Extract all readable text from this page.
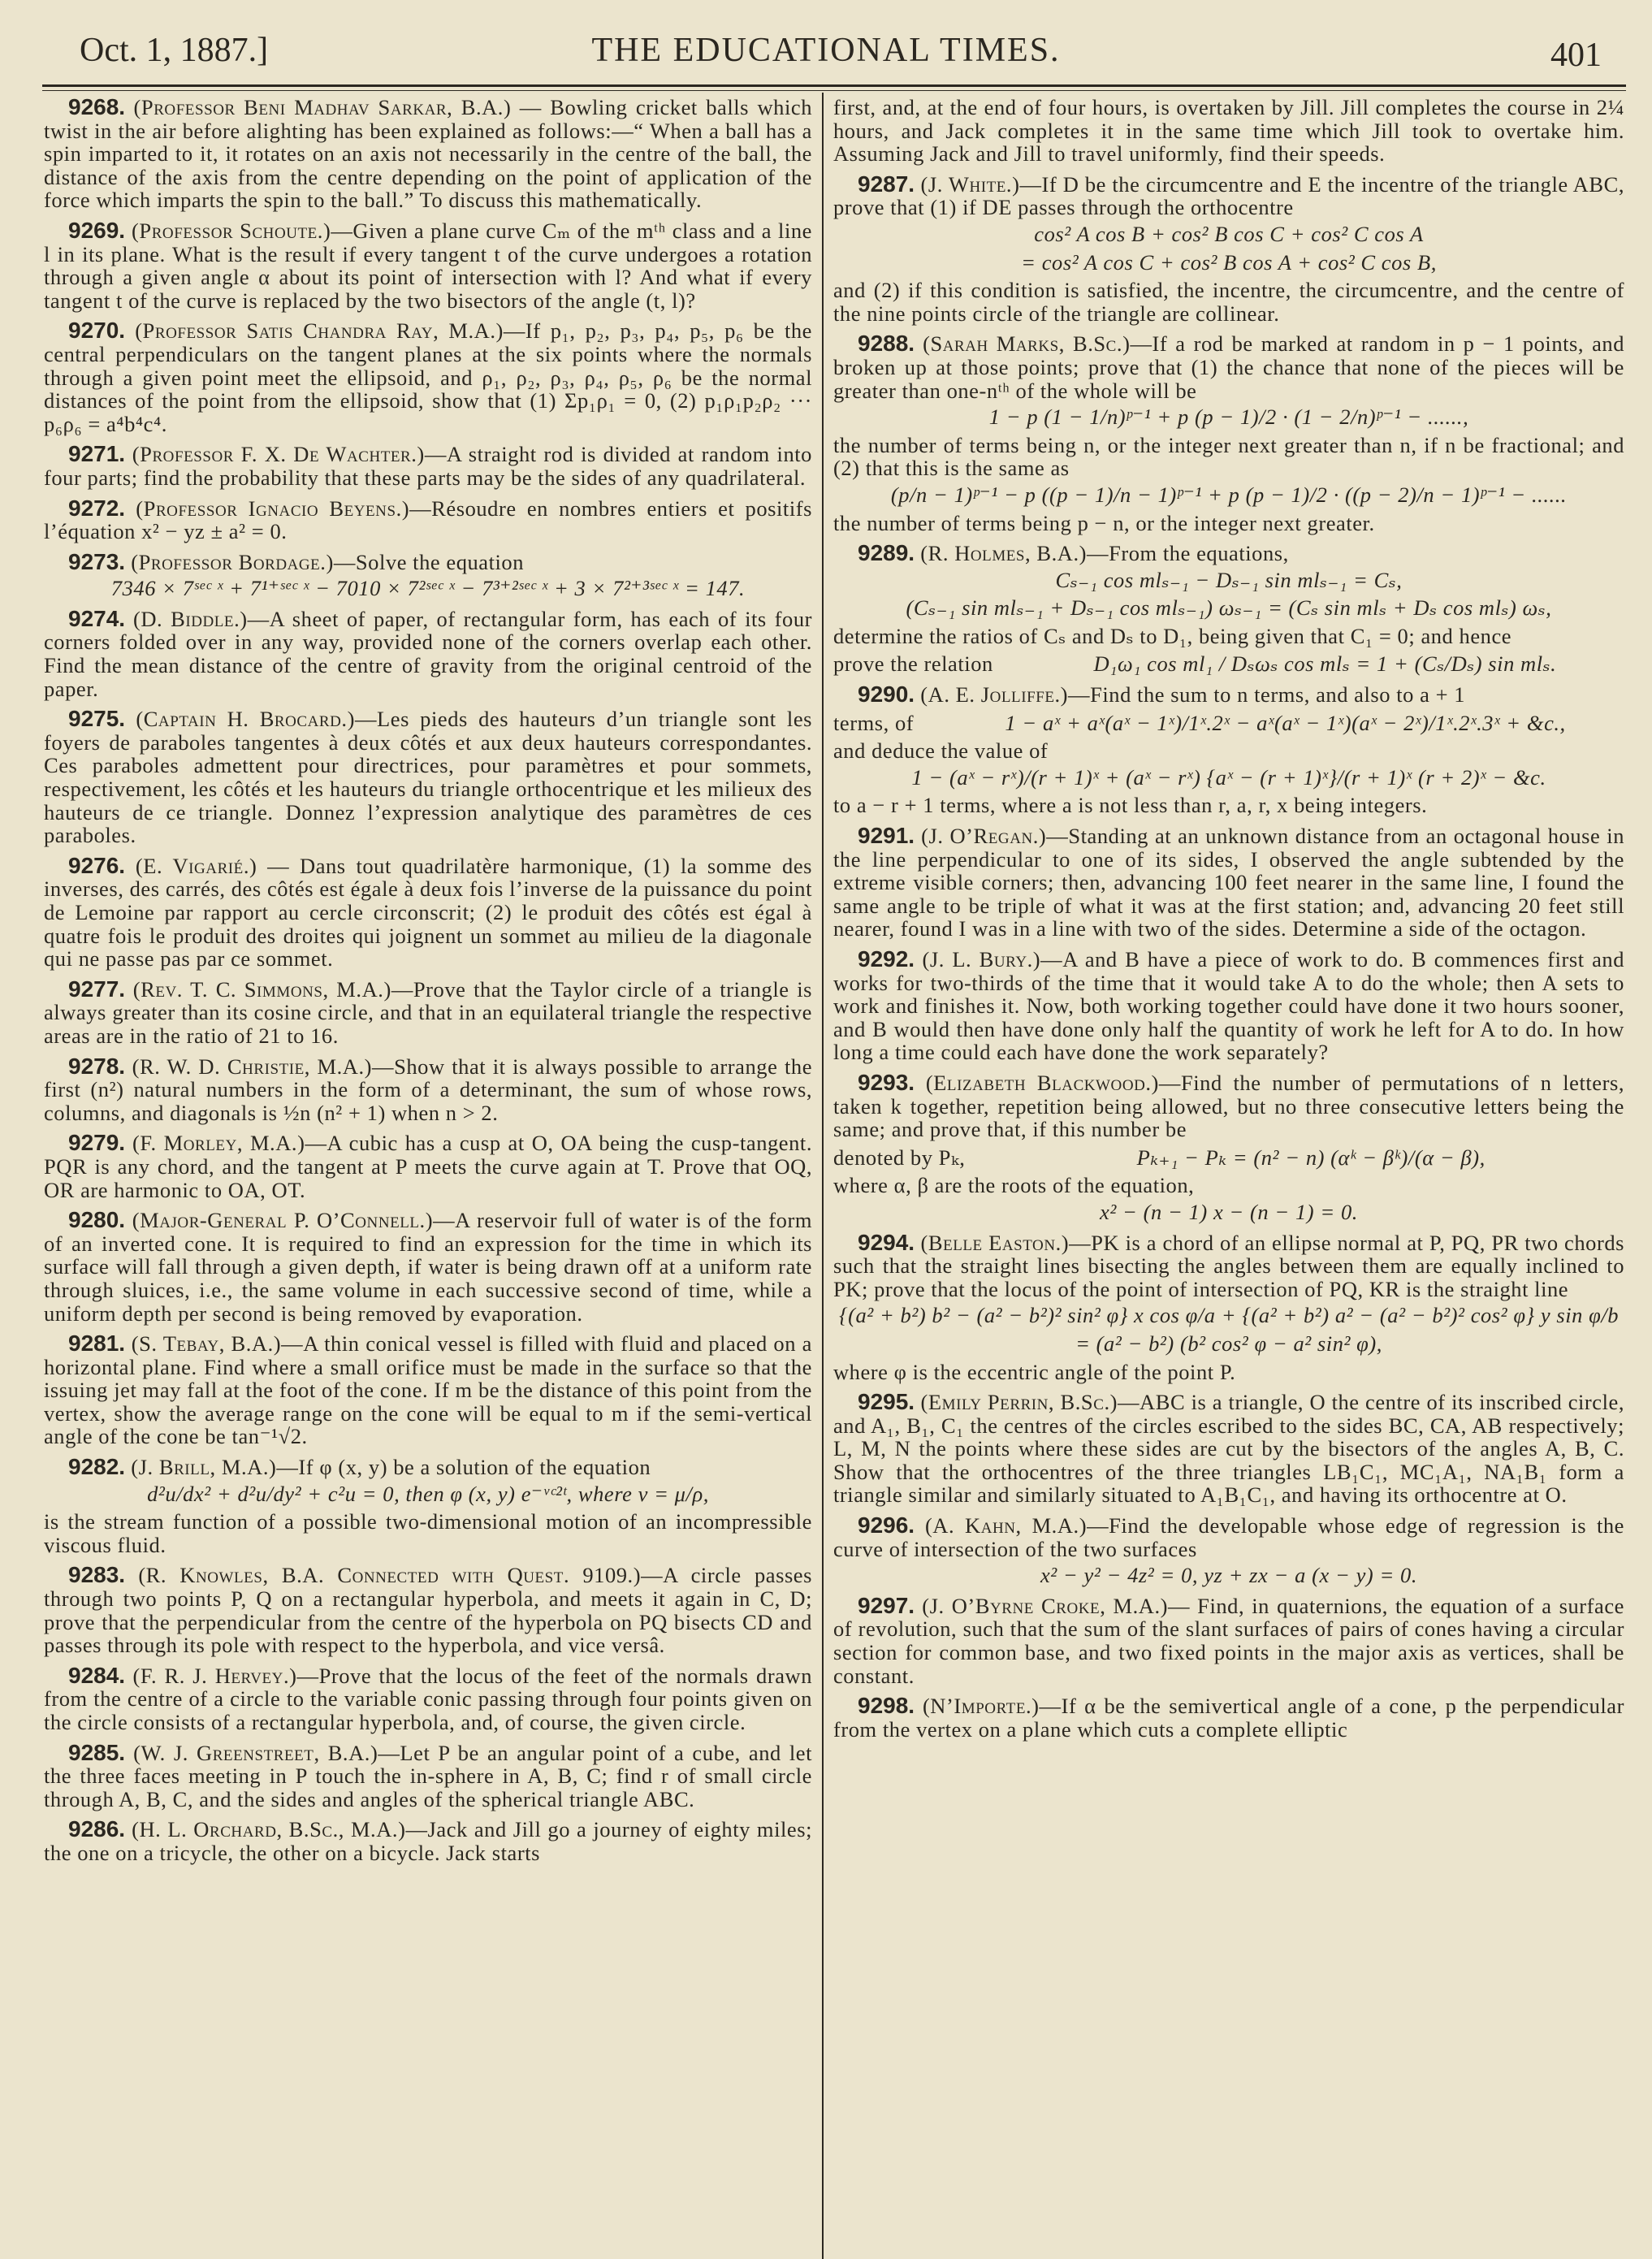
Oct. 1, 1887.]	THE EDUCATIONAL TIMES.	401

9268. (Professor Beni Madhav Sarkar, B.A.) — Bowling cricket balls which twist in the air before alighting has been explained as follows:—“ When a ball has a spin imparted to it, it rotates on an axis not necessarily in the centre of the ball, the distance of the axis from the centre depending on the point of application of the force which imparts the spin to the ball.” To discuss this mathematically.

9269. (Professor Schoute.)—Given a plane curve Cₘ of the mᵗʰ class and a line l in its plane. What is the result if every tangent t of the curve undergoes a rotation through a given angle α about its point of intersection with l? And what if every tangent t of the curve is replaced by the two bisectors of the angle (t, l)?

9270. (Professor Satis Chandra Ray, M.A.)—If p₁, p₂, p₃, p₄, p₅, p₆ be the central perpendiculars on the tangent planes at the six points where the normals through a given point meet the ellipsoid, and ρ₁, ρ₂, ρ₃, ρ₄, ρ₅, ρ₆ be the normal distances of the point from the ellipsoid, show that (1) Σp₁ρ₁ = 0, (2) p₁ρ₁p₂ρ₂ ··· p₆ρ₆ = a⁴b⁴c⁴.

9271. (Professor F. X. De Wachter.)—A straight rod is divided at random into four parts; find the probability that these parts may be the sides of any quadrilateral.

9272. (Professor Ignacio Beyens.)—Résoudre en nombres entiers et positifs l’équation x² − yz ± a² = 0.

9273. (Professor Bordage.)—Solve the equation

7346 × 7ˢᵉᶜ ˣ + 7¹⁺ˢᵉᶜ ˣ − 7010 × 7²ˢᵉᶜ ˣ − 7³⁺²ˢᵉᶜ ˣ + 3 × 7²⁺³ˢᵉᶜ ˣ = 147.

9274. (D. Biddle.)—A sheet of paper, of rectangular form, has each of its four corners folded over in any way, provided none of the corners overlap each other. Find the mean distance of the centre of gravity from the original centroid of the paper.

9275. (Captain H. Brocard.)—Les pieds des hauteurs d’un triangle sont les foyers de paraboles tangentes à deux côtés et aux deux hauteurs correspondantes. Ces paraboles admettent pour directrices, pour paramètres et pour sommets, respectivement, les côtés et les hauteurs du triangle orthocentrique et les milieux des hauteurs de ce triangle. Donnez l’expression analytique des paramètres de ces paraboles.

9276. (E. Vigarié.) — Dans tout quadrilatère harmonique, (1) la somme des inverses, des carrés, des côtés est égale à deux fois l’inverse de la puissance du point de Lemoine par rapport au cercle circonscrit; (2) le produit des côtés est égal à quatre fois le produit des droites qui joignent un sommet au milieu de la diagonale qui ne passe pas par ce sommet.

9277. (Rev. T. C. Simmons, M.A.)—Prove that the Taylor circle of a triangle is always greater than its cosine circle, and that in an equilateral triangle the respective areas are in the ratio of 21 to 16.

9278. (R. W. D. Christie, M.A.)—Show that it is always possible to arrange the first (n²) natural numbers in the form of a determinant, the sum of whose rows, columns, and diagonals is ½n (n² + 1) when n > 2.

9279. (F. Morley, M.A.)—A cubic has a cusp at O, OA being the cusp-tangent. PQR is any chord, and the tangent at P meets the curve again at T. Prove that OQ, OR are harmonic to OA, OT.

9280. (Major-General P. O’Connell.)—A reservoir full of water is of the form of an inverted cone. It is required to find an expression for the time in which its surface will fall through a given depth, if water is being drawn off at a uniform rate through sluices, i.e., the same volume in each successive second of time, while a uniform depth per second is being removed by evaporation.

9281. (S. Tebay, B.A.)—A thin conical vessel is filled with fluid and placed on a horizontal plane. Find where a small orifice must be made in the surface so that the issuing jet may fall at the foot of the cone. If m be the distance of this point from the vertex, show the average range on the cone will be equal to m if the semi-vertical angle of the cone be tan⁻¹√2.

9282. (J. Brill, M.A.)—If φ (x, y) be a solution of the equation

d²u/dx² + d²u/dy² + c²u = 0, then φ (x, y) e⁻ᵛᶜ²ᵗ, where ν = μ/ρ,

is the stream function of a possible two-dimensional motion of an incompressible viscous fluid.

9283. (R. Knowles, B.A. Connected with Quest. 9109.)—A circle passes through two points P, Q on a rectangular hyperbola, and meets it again in C, D; prove that the perpendicular from the centre of the hyperbola on PQ bisects CD and passes through its pole with respect to the hyperbola, and vice versâ.

9284. (F. R. J. Hervey.)—Prove that the locus of the feet of the normals drawn from the centre of a circle to the variable conic passing through four points given on the circle consists of a rectangular hyperbola, and, of course, the given circle.

9285. (W. J. Greenstreet, B.A.)—Let P be an angular point of a cube, and let the three faces meeting in P touch the in-sphere in A, B, C; find r of small circle through A, B, C, and the sides and angles of the spherical triangle ABC.

9286. (H. L. Orchard, B.Sc., M.A.)—Jack and Jill go a journey of eighty miles; the one on a tricycle, the other on a bicycle. Jack starts

first, and, at the end of four hours, is overtaken by Jill. Jill completes the course in 2¼ hours, and Jack completes it in the same time which Jill took to overtake him. Assuming Jack and Jill to travel uniformly, find their speeds.

9287. (J. White.)—If D be the circumcentre and E the incentre of the triangle ABC, prove that (1) if DE passes through the orthocentre

cos² A cos B + cos² B cos C + cos² C cos A
= cos² A cos C + cos² B cos A + cos² C cos B,

and (2) if this condition is satisfied, the incentre, the circumcentre, and the centre of the nine points circle of the triangle are collinear.

9288. (Sarah Marks, B.Sc.)—If a rod be marked at random in p − 1 points, and broken up at those points; prove that (1) the chance that none of the pieces will be greater than one-nᵗʰ of the whole will be

1 − p (1 − 1/n)ᵖ⁻¹ + p (p − 1)/2 · (1 − 2/n)ᵖ⁻¹ − ......,

the number of terms being n, or the integer next greater than n, if n be fractional; and (2) that this is the same as

(p/n − 1)ᵖ⁻¹ − p ((p − 1)/n − 1)ᵖ⁻¹ + p (p − 1)/2 · ((p − 2)/n − 1)ᵖ⁻¹ − ......

the number of terms being p − n, or the integer next greater.

9289. (R. Holmes, B.A.)—From the equations,

Cₛ₋₁ cos mlₛ₋₁ − Dₛ₋₁ sin mlₛ₋₁ = Cₛ,
(Cₛ₋₁ sin mlₛ₋₁ + Dₛ₋₁ cos mlₛ₋₁) ωₛ₋₁ = (Cₛ sin mlₛ + Dₛ cos mlₛ) ωₛ,

determine the ratios of Cₛ and Dₛ to D₁, being given that C₁ = 0; and hence

prove the relation	D₁ω₁ cos ml₁ / Dₛωₛ cos mlₛ = 1 + (Cₛ/Dₛ) sin mlₛ.

9290. (A. E. Jolliffe.)—Find the sum to n terms, and also to a + 1

terms, of	1 − aˣ + aˣ(aˣ − 1ˣ)/1ˣ.2ˣ − aˣ(aˣ − 1ˣ)(aˣ − 2ˣ)/1ˣ.2ˣ.3ˣ + &c.,

and deduce the value of

1 − (aˣ − rˣ)/(r + 1)ˣ + (aˣ − rˣ) {aˣ − (r + 1)ˣ}/(r + 1)ˣ (r + 2)ˣ − &c.

to a − r + 1 terms, where a is not less than r, a, r, x being integers.

9291. (J. O’Regan.)—Standing at an unknown distance from an octagonal house in the line perpendicular to one of its sides, I observed the angle subtended by the extreme visible corners; then, advancing 100 feet nearer in the same line, I found the same angle to be triple of what it was at the first station; and, advancing 20 feet still nearer, found I was in a line with two of the sides. Determine a side of the octagon.

9292. (J. L. Bury.)—A and B have a piece of work to do. B commences first and works for two-thirds of the time that it would take A to do the whole; then A sets to work and finishes it. Now, both working together could have done it two hours sooner, and B would then have done only half the quantity of work he left for A to do. In how long a time could each have done the work separately?

9293. (Elizabeth Blackwood.)—Find the number of permutations of n letters, taken k together, repetition being allowed, but no three consecutive letters being the same; and prove that, if this number be

denoted by Pₖ,	Pₖ₊₁ − Pₖ = (n² − n) (αᵏ − βᵏ)/(α − β),

where α, β are the roots of the equation,

x² − (n − 1) x − (n − 1) = 0.

9294. (Belle Easton.)—PK is a chord of an ellipse normal at P, PQ, PR two chords such that the straight lines bisecting the angles between them are equally inclined to PK; prove that the locus of the point of intersection of PQ, KR is the straight line

{(a² + b²) b² − (a² − b²)² sin² φ} x cos φ/a + {(a² + b²) a² − (a² − b²)² cos² φ} y sin φ/b
= (a² − b²) (b² cos² φ − a² sin² φ),

where φ is the eccentric angle of the point P.

9295. (Emily Perrin, B.Sc.)—ABC is a triangle, O the centre of its inscribed circle, and A₁, B₁, C₁ the centres of the circles escribed to the sides BC, CA, AB respectively; L, M, N the points where these sides are cut by the bisectors of the angles A, B, C. Show that the orthocentres of the three triangles LB₁C₁, MC₁A₁, NA₁B₁ form a triangle similar and similarly situated to A₁B₁C₁, and having its orthocentre at O.

9296. (A. Kahn, M.A.)—Find the developable whose edge of regression is the curve of intersection of the two surfaces

x² − y² − 4z² = 0, yz + zx − a (x − y) = 0.

9297. (J. O’Byrne Croke, M.A.)— Find, in quaternions, the equation of a surface of revolution, such that the sum of the slant surfaces of pairs of cones having a circular section for common base, and two fixed points in the major axis as vertices, shall be constant.

9298. (N’Importe.)—If α be the semivertical angle of a cone, p the perpendicular from the vertex on a plane which cuts a complete elliptic
